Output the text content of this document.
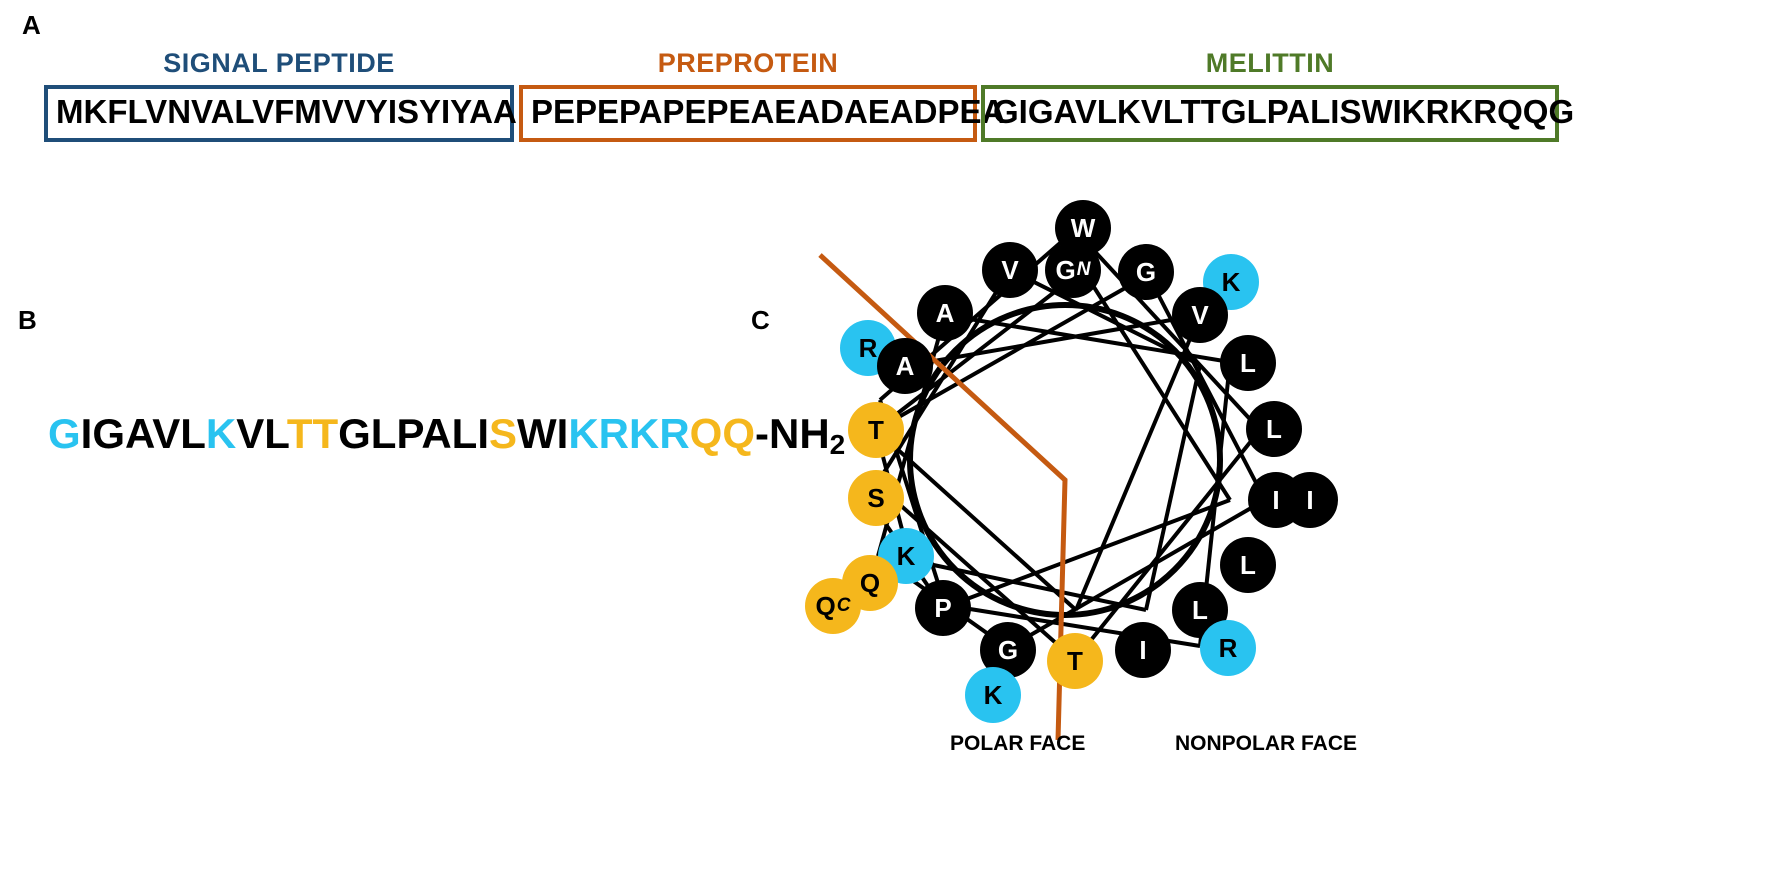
A
SIGNAL PEPTIDE
MKFLVNVALVFMVVYISYIYAA
PREPROTEIN
PEPEPAPEPEAEADAEADPEA
MELITTIN
GIGAVLKVLTTGLPALISWIKRKRQQG
B
GIGAVLKVLTTGLPALISWIKRKRQQ-$NH_2$
C
W
G N
V	G	K
A	V
R
A	L
T	L
S	I I
K	L
Q
Q C	P	L
R
G	I
T
K
POLAR FACE	NONPOLAR FACE
